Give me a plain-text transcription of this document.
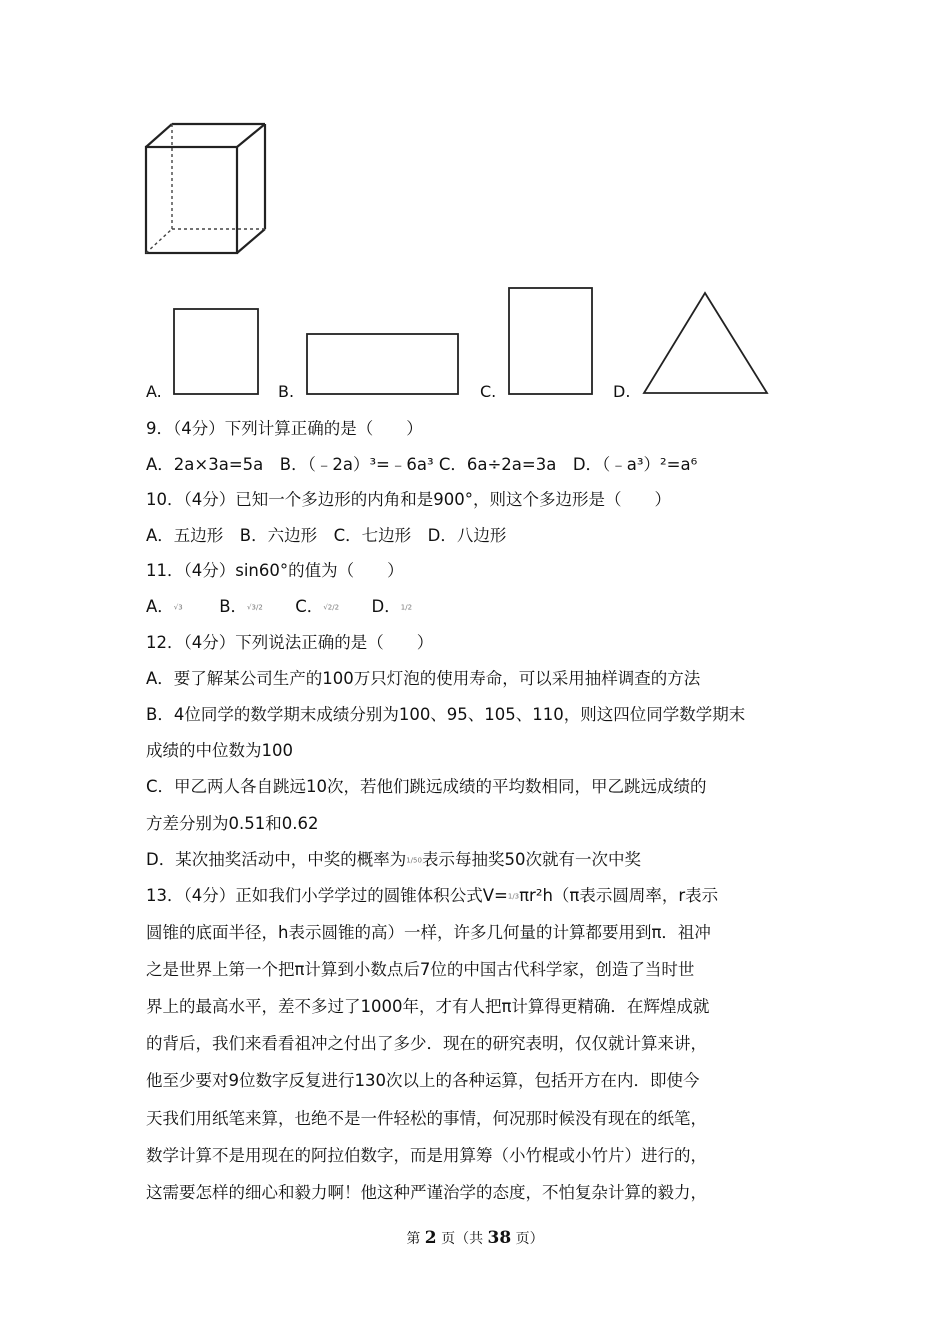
A.	B.	C.	D.
9．（4分）下列计算正确的是（　　）
A．2a×3a=5a　B．（﹣2a）³=﹣6a³ C．6a÷2a=3a　D．（﹣a³）²=a⁶
10．（4分）已知一个多边形的内角和是900°，则这个多边形是（　　）
A．五边形　B．六边形　C．七边形　D．八边形
11．（4分）sin60°的值为（　　）
A．√3 B．√3/2 C．√2/2 D．1/2
12．（4分）下列说法正确的是（　　）
A．要了解某公司生产的100万只灯泡的使用寿命，可以采用抽样调查的方法
B．4位同学的数学期末成绩分别为100、95、105、110，则这四位同学数学期末
成绩的中位数为100
C．甲乙两人各自跳远10次，若他们跳远成绩的平均数相同，甲乙跳远成绩的
方差分别为0.51和0.62
D．某次抽奖活动中，中奖的概率为1/50表示每抽奖50次就有一次中奖
13．（4分）正如我们小学学过的圆锥体积公式V=1/3πr²h（π表示圆周率，r表示
圆锥的底面半径，h表示圆锥的高）一样，许多几何量的计算都要用到π．祖冲
之是世界上第一个把π计算到小数点后7位的中国古代科学家，创造了当时世
界上的最高水平，差不多过了1000年，才有人把π计算得更精确．在辉煌成就
的背后，我们来看看祖冲之付出了多少．现在的研究表明，仅仅就计算来讲，
他至少要对9位数字反复进行130次以上的各种运算，包括开方在内．即使今
天我们用纸笔来算，也绝不是一件轻松的事情，何况那时候没有现在的纸笔，
数学计算不是用现在的阿拉伯数字，而是用算筹（小竹棍或小竹片）进行的，
这需要怎样的细心和毅力啊！他这种严谨治学的态度，不怕复杂计算的毅力，
第 2 页（共 38 页）
